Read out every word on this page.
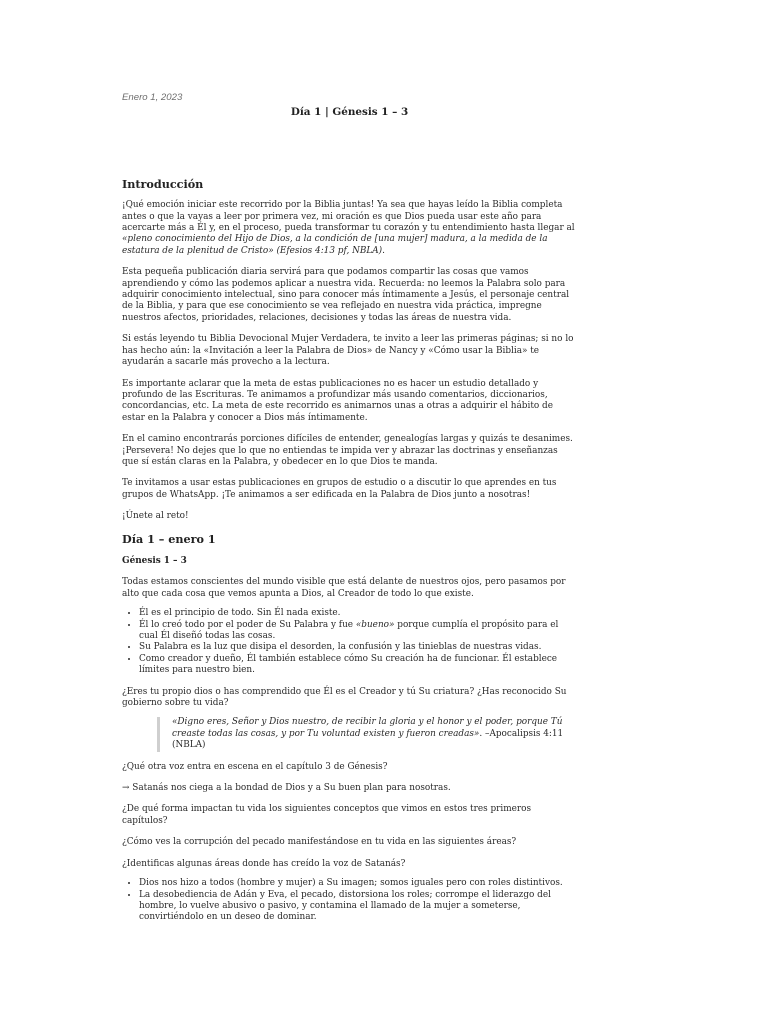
Enero 1, 2023

Día 1 | Génesis 1 – 3
Introducción

¡Qué emoción iniciar este recorrido por la Biblia juntas! Ya sea que hayas leído la Biblia completa antes o que la vayas a leer por primera vez, mi oración es que Dios pueda usar este año para acercarte más a Él y, en el proceso, pueda transformar tu corazón y tu entendimiento hasta llegar al «pleno conocimiento del Hijo de Dios, a la condición de [una mujer] madura, a la medida de la estatura de la plenitud de Cristo» (Efesios 4:13 pf, NBLA).

Esta pequeña publicación diaria servirá para que podamos compartir las cosas que vamos aprendiendo y cómo las podemos aplicar a nuestra vida. Recuerda: no leemos la Palabra solo para adquirir conocimiento intelectual, sino para conocer más íntimamente a Jesús, el personaje central de la Biblia, y para que ese conocimiento se vea reflejado en nuestra vida práctica, impregne nuestros afectos, prioridades, relaciones, decisiones y todas las áreas de nuestra vida.

Si estás leyendo tu Biblia Devocional Mujer Verdadera, te invito a leer las primeras páginas; si no lo has hecho aún: la «Invitación a leer la Palabra de Dios» de Nancy y «Cómo usar la Biblia» te ayudarán a sacarle más provecho a la lectura.

Es importante aclarar que la meta de estas publicaciones no es hacer un estudio detallado y profundo de las Escrituras. Te animamos a profundizar más usando comentarios, diccionarios, concordancias, etc. La meta de este recorrido es animarnos unas a otras a adquirir el hábito de estar en la Palabra y conocer a Dios más íntimamente.

En el camino encontrarás porciones difíciles de entender, genealogías largas y quizás te desanimes. ¡Persevera! No dejes que lo que no entiendas te impida ver y abrazar las doctrinas y enseñanzas que sí están claras en la Palabra, y obedecer en lo que Dios te manda.

Te invitamos a usar estas publicaciones en grupos de estudio o a discutir lo que aprendes en tus grupos de WhatsApp. ¡Te animamos a ser edificada en la Palabra de Dios junto a nosotras!

¡Únete al reto!

Día 1 – enero 1
Génesis 1 – 3

Todas estamos conscientes del mundo visible que está delante de nuestros ojos, pero pasamos por alto que cada cosa que vemos apunta a Dios, al Creador de todo lo que existe.

• Él es el principio de todo. Sin Él nada existe.
• Él lo creó todo por el poder de Su Palabra y fue «bueno» porque cumplía el propósito para el cual Él diseñó todas las cosas.
• Su Palabra es la luz que disipa el desorden, la confusión y las tinieblas de nuestras vidas.
• Como creador y dueño, Él también establece cómo Su creación ha de funcionar. Él establece límites para nuestro bien.

¿Eres tu propio dios o has comprendido que Él es el Creador y tú Su criatura? ¿Has reconocido Su gobierno sobre tu vida?

«Digno eres, Señor y Dios nuestro, de recibir la gloria y el honor y el poder, porque Tú creaste todas las cosas, y por Tu voluntad existen y fueron creadas». –Apocalipsis 4:11 (NBLA)

¿Qué otra voz entra en escena en el capítulo 3 de Génesis?

→ Satanás nos ciega a la bondad de Dios y a Su buen plan para nosotras.

¿De qué forma impactan tu vida los siguientes conceptos que vimos en estos tres primeros capítulos?

¿Cómo ves la corrupción del pecado manifestándose en tu vida en las siguientes áreas?

¿Identificas algunas áreas donde has creído la voz de Satanás?

• Dios nos hizo a todos (hombre y mujer) a Su imagen; somos iguales pero con roles distintivos.
• La desobediencia de Adán y Eva, el pecado, distorsiona los roles; corrompe el liderazgo del hombre, lo vuelve abusivo o pasivo, y contamina el llamado de la mujer a someterse, convirtiéndolo en un deseo de dominar.
